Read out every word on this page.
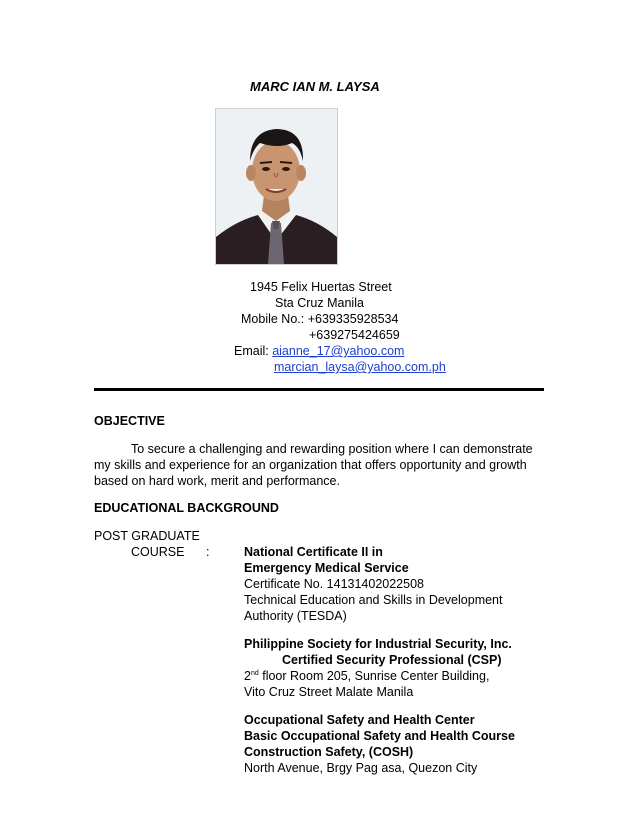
MARC IAN M. LAYSA
1945 Felix Huertas Street
Sta Cruz Manila
Mobile No.: +639335928534
+639275424659
Email: aianne_17@yahoo.com
marcian_laysa@yahoo.com.ph
OBJECTIVE
To secure a challenging and rewarding position where I can demonstrate
my skills and experience for an organization that offers opportunity and growth
based on hard work, merit and performance.
EDUCATIONAL BACKGROUND
POST GRADUATE
COURSE :	National Certificate II in
Emergency Medical Service
Certificate No. 14131402022508
Technical Education and Skills in Development
Authority (TESDA)
Philippine Society for Industrial Security, Inc.
Certified Security Professional (CSP)
2nd floor Room 205, Sunrise Center Building,
Vito Cruz Street Malate Manila
Occupational Safety and Health Center
Basic Occupational Safety and Health Course
Construction Safety, (COSH)
North Avenue, Brgy Pag asa, Quezon City
